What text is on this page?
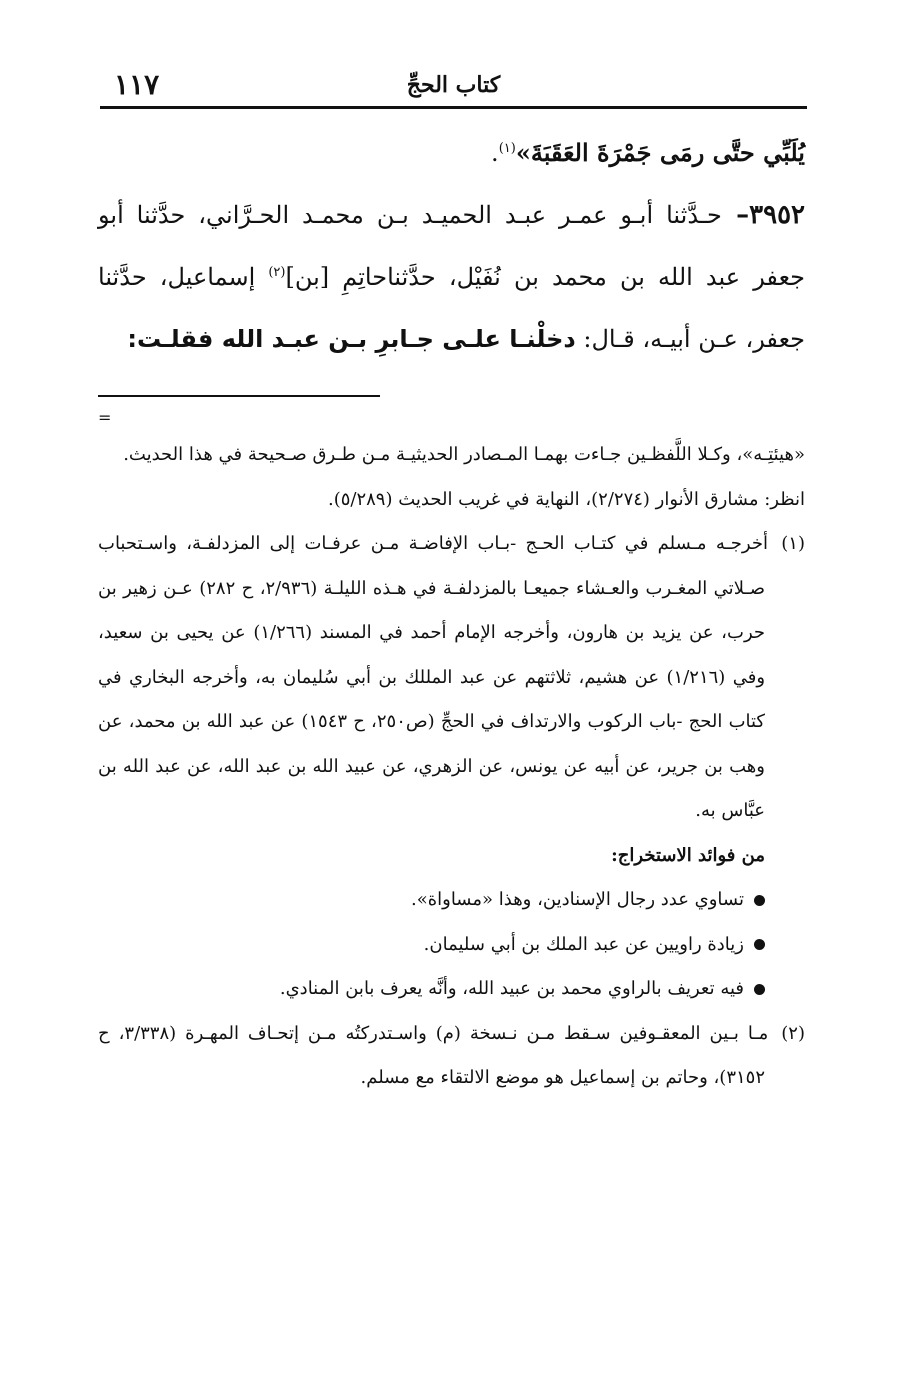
١١٧	كتاب الحجِّ

يُلَبِّي حتَّى رمَى جَمْرَةَ العَقَبَةَ»$^{(١)}$.

٣٩٥٢– حـدَّثنا أبـو عمـر عبـد الحميـد بـن محمـد الحـرَّاني، حدَّثنا أبو جعفر عبد الله بن محمد بن نُفَيْل، حدَّثناحاتِمِ [بن]$^{(٢)}$ إسماعيل، حدَّثنا جعفر، عـن أبيـه، قـال: دخلْنـا علـى جـابرِ بـن عبـد الله فقلـت:

=

«هيئتِـه»، وكـلا اللَّفظـين جـاءت بهمـا المـصادر الحديثيـة مـن طـرق صـحيحة في هذا الحديث.

انظر: مشارق الأنوار (٢/٢٧٤)، النهاية في غريب الحديث (٥/٢٨٩).

(١) أخرجـه مـسلم في كتـاب الحـج -بـاب الإفاضـة مـن عرفـات إلى المزدلفـة، واسـتحباب صـلاتي المغـرب والعـشاء جميعـا بالمزدلفـة في هـذه الليلـة (٢/٩٣٦، ح ٢٨٢) عـن زهير بن حرب، عن يزيد بن هارون، وأخرجه الإمام أحمد في المسند (١/٢٦٦) عن يحيى بن سعيد، وفي (١/٢١٦) عن هشيم، ثلاثتهم عن عبد المللك بن أبي سُليمان به، وأخرجه البخاري في كتاب الحج -باب الركوب والارتداف في الحجِّ (ص٢٥٠، ح ١٥٤٣) عن عبد الله بن محمد، عن وهب بن جرير، عن أبيه عن يونس، عن الزهري، عن عبيد الله بن عبد الله، عن عبد الله بن عبَّاس به.

من فوائد الاستخراج:

تساوي عدد رجال الإسنادين، وهذا «مساواة».
زيادة راويين عن عبد الملك بن أبي سليمان.
فيه تعريف بالراوي محمد بن عبيد الله، وأنَّه يعرف بابن المنادي.

(٢) مـا بـين المعقـوفين سـقط مـن نـسخة (م) واسـتدركتُه مـن إتحـاف المهـرة (٣/٣٣٨، ح ٣١٥٢)، وحاتم بن إسماعيل هو موضع الالتقاء مع مسلم.
